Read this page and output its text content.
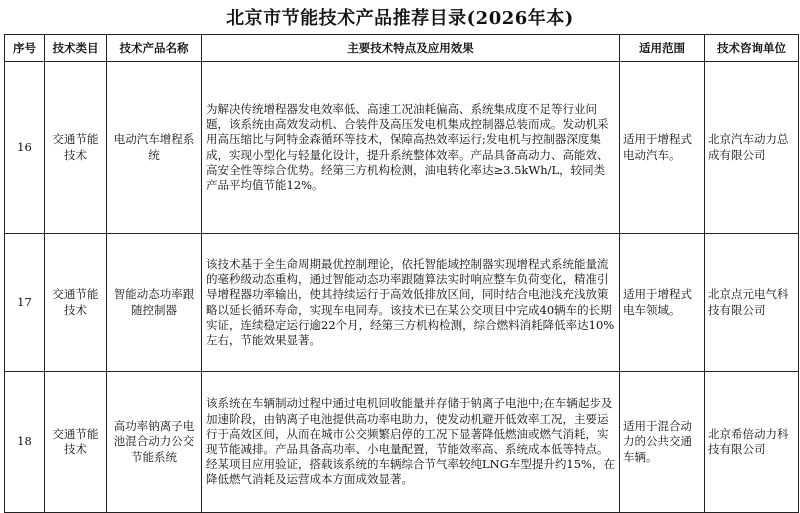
北京市节能技术产品推荐目录(2026年本)
序号	技术类目	技术产品名称	主要技术特点及应用效果	适用范围	技术咨询单位
16	交通节能技术	电动汽车增程系统	为解决传统增程器发电效率低、高速工况油耗偏高、系统集成度不足等行业问题，该系统由高效发动机、合装件及高压发电机集成控制器总装而成。发动机采用高压缩比与阿特金森循环等技术，保障高热效率运行;发电机与控制器深度集成，实现小型化与轻量化设计，提升系统整体效率。产品具备高动力、高能效、高安全性等综合优势。经第三方机构检测，油电转化率达≥3.5kWh/L，较同类产品平均值节能12%。	适用于增程式电动汽车。	北京汽车动力总成有限公司
17	交通节能技术	智能动态功率跟随控制器	该技术基于全生命周期最优控制理论，依托智能域控制器实现增程式系统能量流的毫秒级动态重构，通过智能动态功率跟随算法实时响应整车负荷变化，精准引导增程器功率输出，使其持续运行于高效低排放区间，同时结合电池浅充浅放策略以延长循环寿命，实现车电同寿。该技术已在某公交项目中完成40辆车的长期实证，连续稳定运行逾22个月，经第三方机构检测，综合燃料消耗降低率达10%左右，节能效果显著。	适用于增程式电车领域。	北京点元电气科技有限公司
18	交通节能技术	高功率钠离子电池混合动力公交节能系统	该系统在车辆制动过程中通过电机回收能量并存储于钠离子电池中;在车辆起步及加速阶段，由钠离子电池提供高功率电助力，使发动机避开低效率工况，主要运行于高效区间，从而在城市公交频繁启停的工况下显著降低燃油或燃气消耗，实现节能减排。产品具备高功率、小电量配置，节能效率高、系统成本低等特点。经某项目应用验证，搭载该系统的车辆综合节气率较纯LNG车型提升约15%，在降低燃气消耗及运营成本方面成效显著。	适用于混合动力的公共交通车辆。	北京希倍动力科技有限公司
